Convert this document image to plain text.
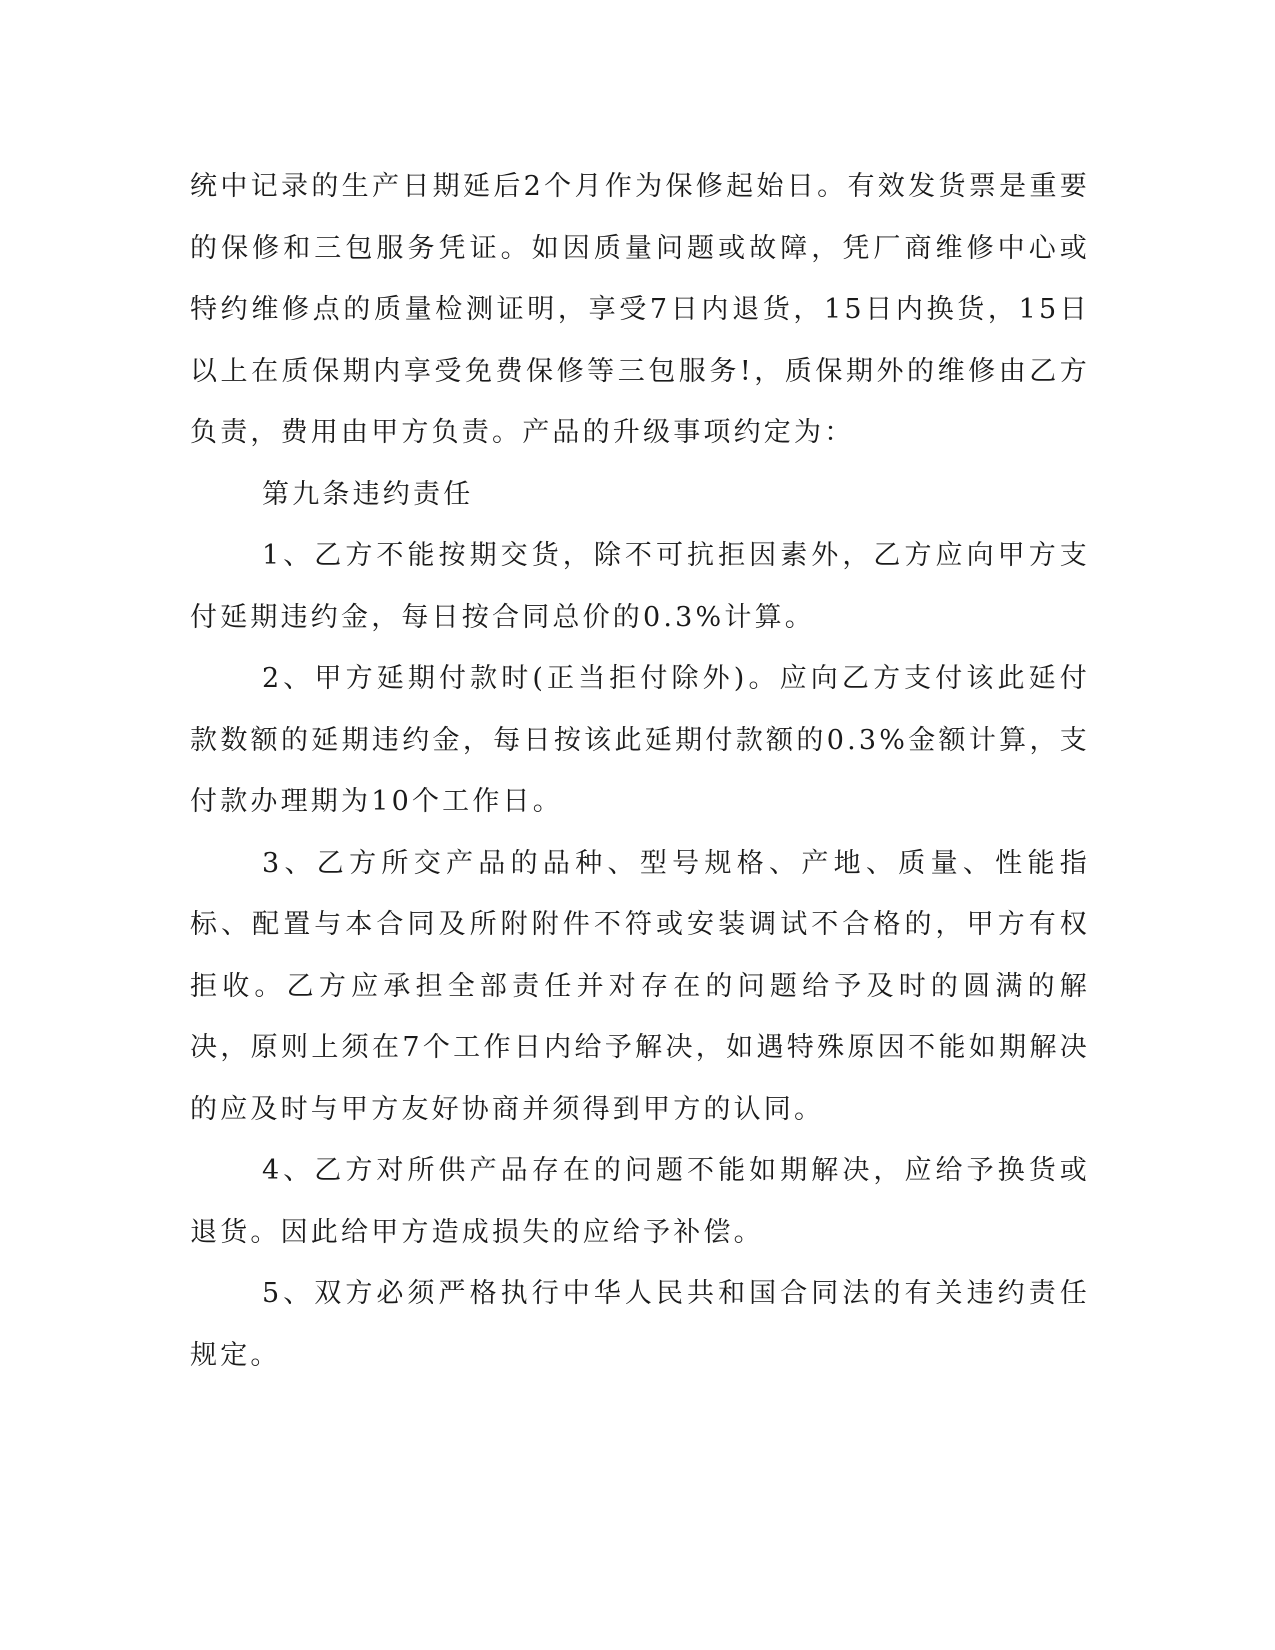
统中记录的生产日期延后2个月作为保修起始日。有效发货票是重要的保修和三包服务凭证。如因质量问题或故障，凭厂商维修中心或特约维修点的质量检测证明，享受7日内退货，15日内换货，15日以上在质保期内享受免费保修等三包服务!，质保期外的维修由乙方负责，费用由甲方负责。产品的升级事项约定为：

第九条违约责任

1、乙方不能按期交货，除不可抗拒因素外，乙方应向甲方支付延期违约金，每日按合同总价的0.3%计算。

2、甲方延期付款时(正当拒付除外)。应向乙方支付该此延付款数额的延期违约金，每日按该此延期付款额的0.3%金额计算，支付款办理期为10个工作日。

3、乙方所交产品的品种、型号规格、产地、质量、性能指标、配置与本合同及所附附件不符或安装调试不合格的，甲方有权拒收。乙方应承担全部责任并对存在的问题给予及时的圆满的解决，原则上须在7个工作日内给予解决，如遇特殊原因不能如期解决的应及时与甲方友好协商并须得到甲方的认同。

4、乙方对所供产品存在的问题不能如期解决，应给予换货或退货。因此给甲方造成损失的应给予补偿。

5、双方必须严格执行中华人民共和国合同法的有关违约责任规定。
